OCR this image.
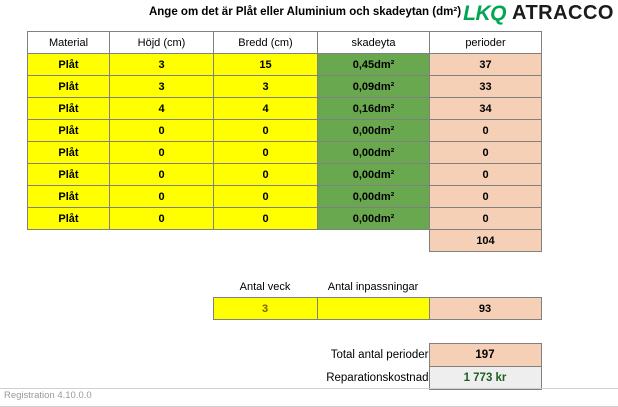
Ange om det är Plåt eller Aluminium och skadeytan (dm²) LKQ ATRACCO
Material	Höjd (cm)	Bredd (cm)	skadeyta	perioder
Plåt	3	15	0,45dm²	37
Plåt	3	3	0,09dm²	33
Plåt	4	4	0,16dm²	34
Plåt	0	0	0,00dm²	0
Plåt	0	0	0,00dm²	0
Plåt	0	0	0,00dm²	0
Plåt	0	0	0,00dm²	0
Plåt	0	0	0,00dm²	0
				104
		Antal veck	Antal inpassningar	
		3		93
		Total antal perioder	197
		Reparationskostnad	1 773 kr
Registration 4.10.0.0
